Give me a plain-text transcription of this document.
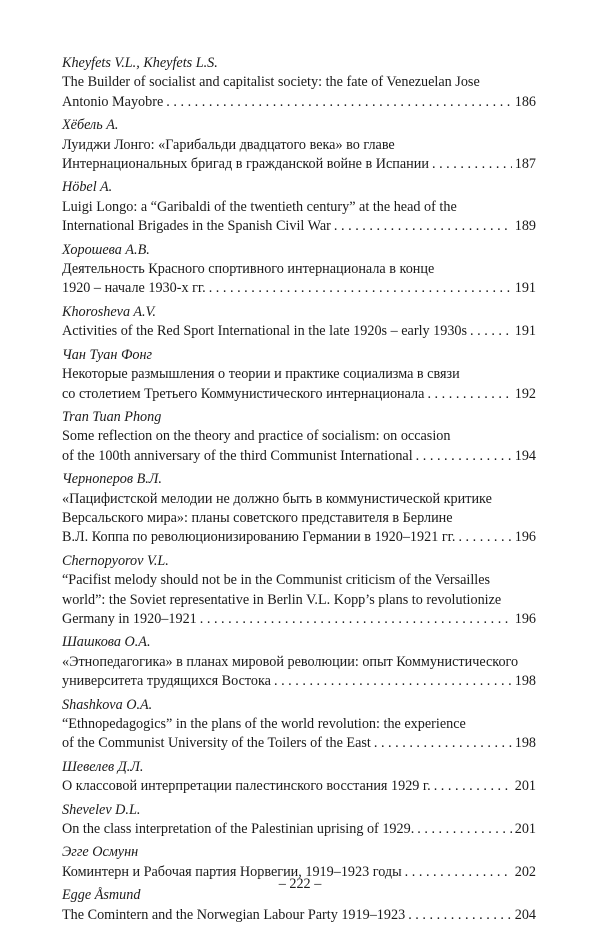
Kheyfets V.L., Kheyfets L.S.
The Builder of socialist and capitalist society: the fate of Venezuelan Jose
Antonio Mayobre . . .	186
Хёбель А.
Луиджи Лонго: «Гарибальди двадцатого века» во главе
Интернациональных бригад в гражданской войне в Испании . . .	187
Höbel A.
Luigi Longo: a “Garibaldi of the twentieth century” at the head of the
International Brigades in the Spanish Civil War . . .	189
Хорошева А.В.
Деятельность Красного спортивного интернационала в конце
1920 – начале 1930-х гг. . . .	191
Khorosheva A.V.
Activities of the Red Sport International in the late 1920s – early 1930s . . .	191
Чан Туан Фонг
Некоторые размышления о теории и практике социализма в связи
со столетием Третьего Коммунистического интернационала . . .	192
Tran Tuan Phong
Some reflection on the theory and practice of socialism: on occasion
of the 100th anniversary of the third Communist International . . .	194
Черноперов В.Л.
«Пацифистской мелодии не должно быть в коммунистической критике
Версальского мира»: планы советского представителя в Берлине
В.Л. Коппа по революционизированию Германии в 1920–1921 гг. . . .	196
Chernopyorov V.L.
“Pacifist melody should not be in the Communist criticism of the Versailles
world”: the Soviet representative in Berlin V.L. Kopp’s plans to revolutionize
Germany in 1920–1921 . . .	196
Шашкова О.А.
«Этнопедагогика» в планах мировой революции: опыт Коммунистического
университета трудящихся Востока . . .	198
Shashkova O.A.
“Ethnopedagogics” in the plans of the world revolution: the experience
of the Communist University of the Toilers of the East . . .	198
Шевелев Д.Л.
О классовой интерпретации палестинского восстания 1929 г. . . .	201
Shevelev D.L.
On the class interpretation of the Palestinian uprising of 1929. . . .	201
Эгге Осмунн
Коминтерн и Рабочая партия Норвегии, 1919–1923 годы . . .	202
Egge Åsmund
The Comintern and the Norwegian Labour Party 1919–1923 . . .	204
– 222 –
